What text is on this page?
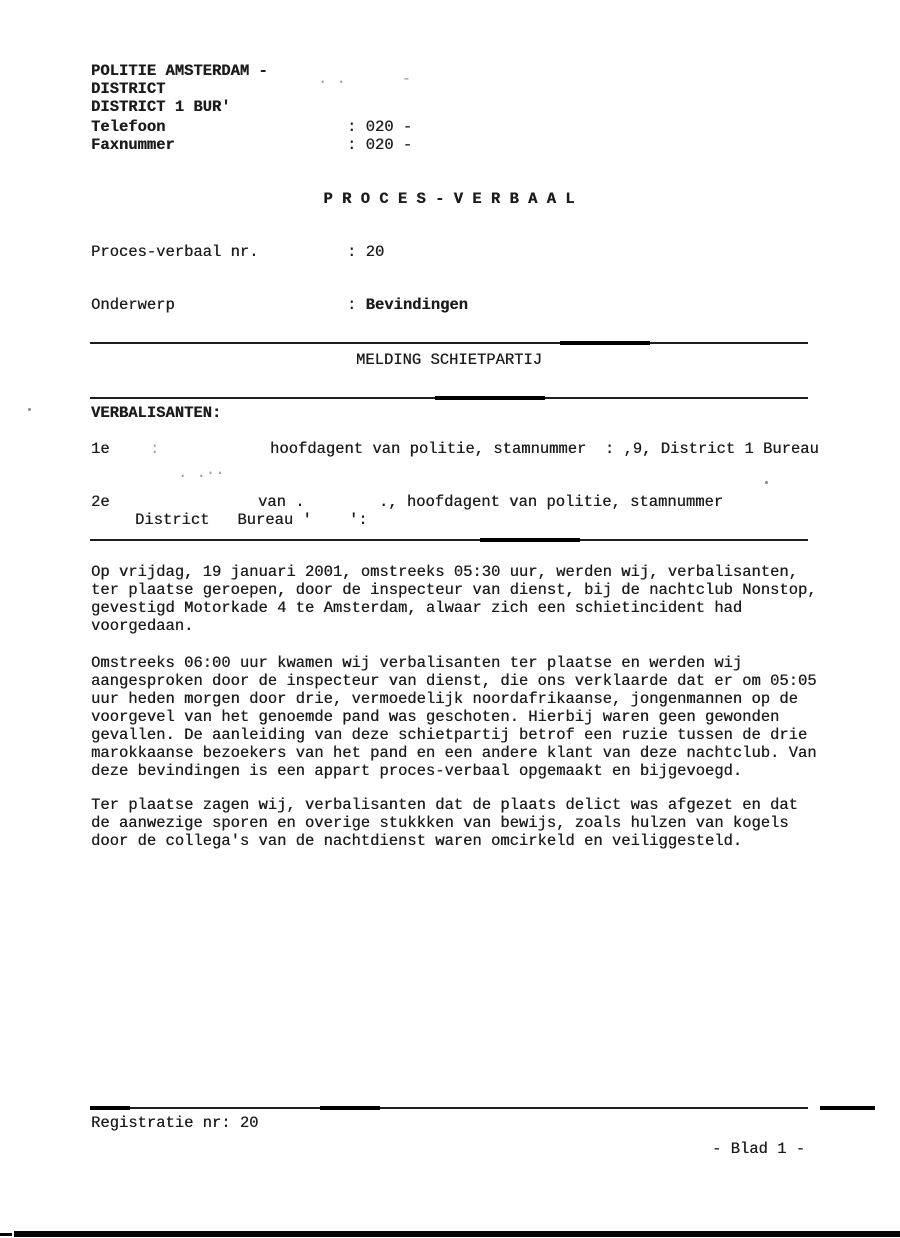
POLITIE AMSTERDAM -
DISTRICT
DISTRICT 1 BUR'
. .      -
Telefoon	: 020 -
Faxnummer	: 020 -
P R O C E S - V E R B A A L
Proces-verbaal nr.	: 20
Onderwerp	: Bevindingen
MELDING SCHIETPARTIJ
VERBALISANTEN:
1e	:	hoofdagent van politie, stamnummer  : ,9, District 1 Bureau
. .··
2e	van .        ., hoofdagent van politie, stamnummer
District   Bureau '    ':
Op vrijdag, 19 januari 2001, omstreeks 05:30 uur, werden wij, verbalisanten,
ter plaatse geroepen, door de inspecteur van dienst, bij de nachtclub Nonstop,
gevestigd Motorkade 4 te Amsterdam, alwaar zich een schietincident had
voorgedaan.
Omstreeks 06:00 uur kwamen wij verbalisanten ter plaatse en werden wij
aangesproken door de inspecteur van dienst, die ons verklaarde dat er om 05:05
uur heden morgen door drie, vermoedelijk noordafrikaanse, jongenmannen op de
voorgevel van het genoemde pand was geschoten. Hierbij waren geen gewonden
gevallen. De aanleiding van deze schietpartij betrof een ruzie tussen de drie
marokkaanse bezoekers van het pand en een andere klant van deze nachtclub. Van
deze bevindingen is een appart proces-verbaal opgemaakt en bijgevoegd.
Ter plaatse zagen wij, verbalisanten dat de plaats delict was afgezet en dat
de aanwezige sporen en overige stukkken van bewijs, zoals hulzen van kogels
door de collega's van de nachtdienst waren omcirkeld en veiliggesteld.
Registratie nr: 20
- Blad 1 -
